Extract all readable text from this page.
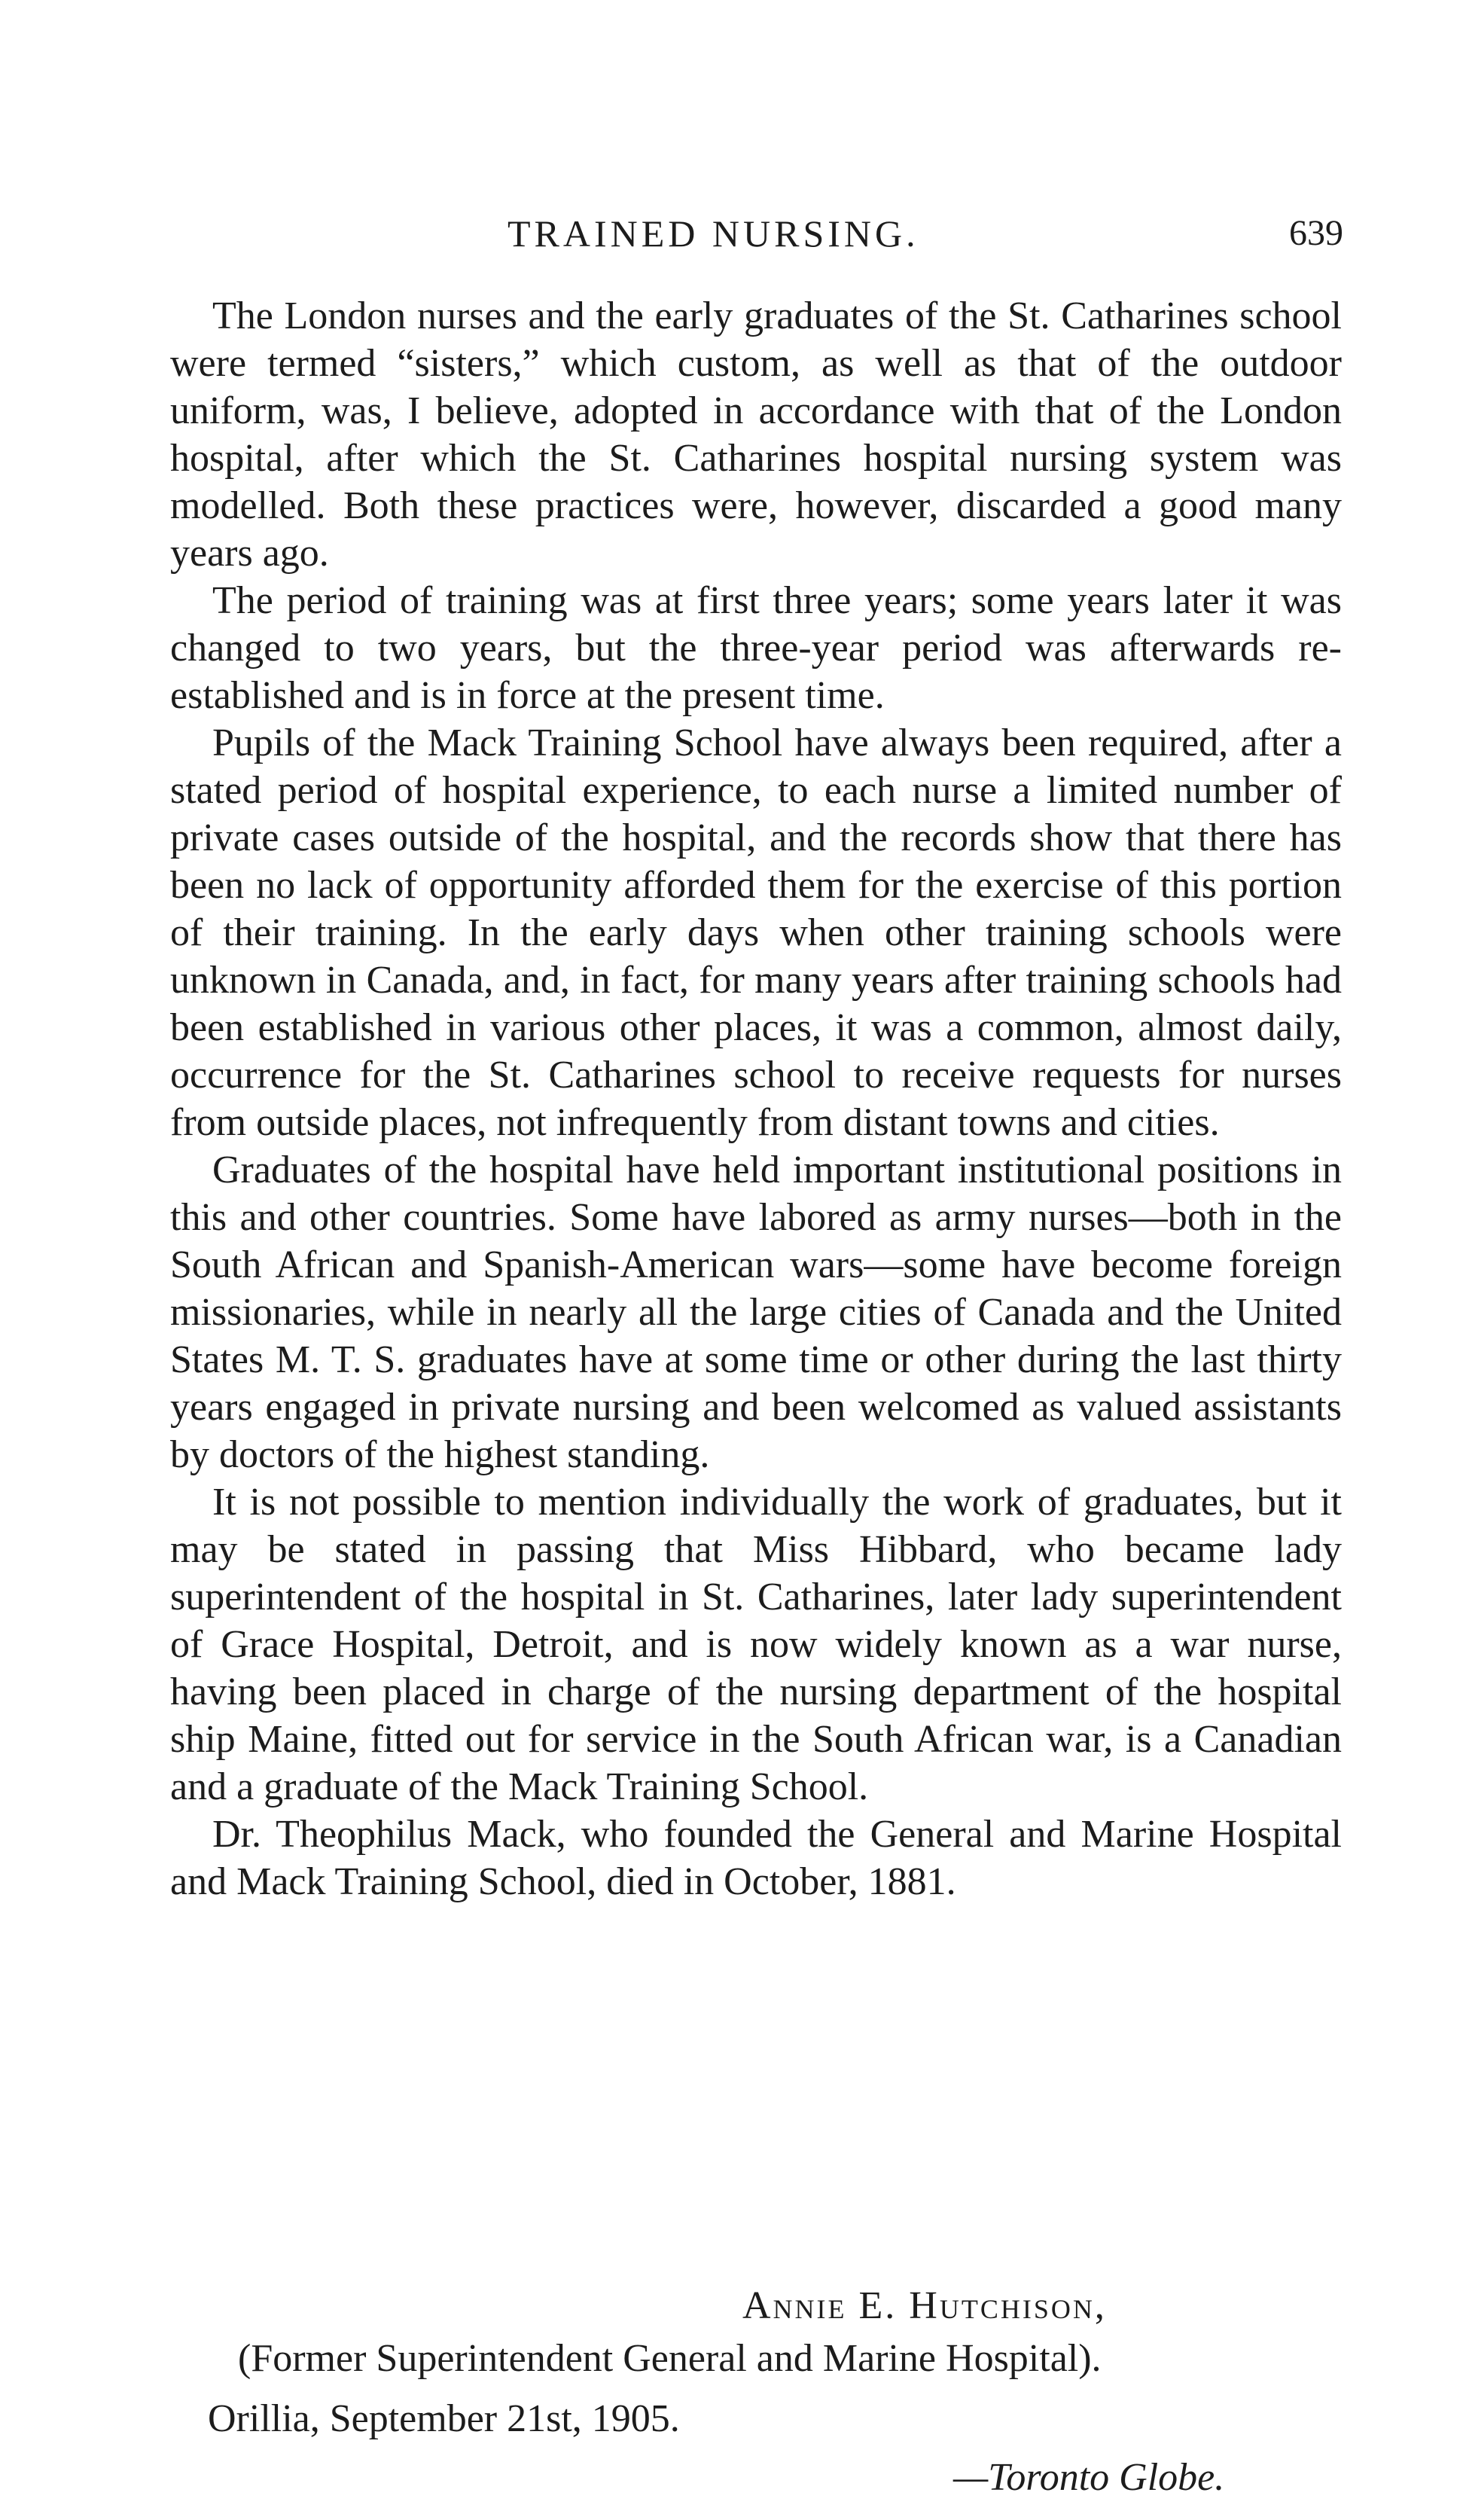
TRAINED NURSING.	639

The London nurses and the early graduates of the St. Catharines school were termed “sisters,” which custom, as well as that of the outdoor uniform, was, I believe, adopted in accordance with that of the London hospital, after which the St. Catharines hospital nursing system was modelled. Both these practices were, however, discarded a good many years ago.

The period of training was at first three years; some years later it was changed to two years, but the three-year period was afterwards re-established and is in force at the present time.

Pupils of the Mack Training School have always been required, after a stated period of hospital experience, to each nurse a limited number of private cases outside of the hospital, and the records show that there has been no lack of opportunity afforded them for the exercise of this portion of their training. In the early days when other training schools were unknown in Canada, and, in fact, for many years after training schools had been established in various other places, it was a common, almost daily, occurrence for the St. Catharines school to receive requests for nurses from outside places, not infrequently from distant towns and cities.

Graduates of the hospital have held important institutional positions in this and other countries. Some have labored as army nurses—both in the South African and Spanish-American wars—some have become foreign missionaries, while in nearly all the large cities of Canada and the United States M. T. S. graduates have at some time or other during the last thirty years engaged in private nursing and been welcomed as valued assistants by doctors of the highest standing.

It is not possible to mention individually the work of graduates, but it may be stated in passing that Miss Hibbard, who became lady superintendent of the hospital in St. Catharines, later lady superintendent of Grace Hospital, Detroit, and is now widely known as a war nurse, having been placed in charge of the nursing department of the hospital ship Maine, fitted out for service in the South African war, is a Canadian and a graduate of the Mack Training School.

Dr. Theophilus Mack, who founded the General and Marine Hospital and Mack Training School, died in October, 1881.

Annie E. Hutchison,
(Former Superintendent General and Marine Hospital).
Orillia, September 21st, 1905.
—Toronto Globe.
